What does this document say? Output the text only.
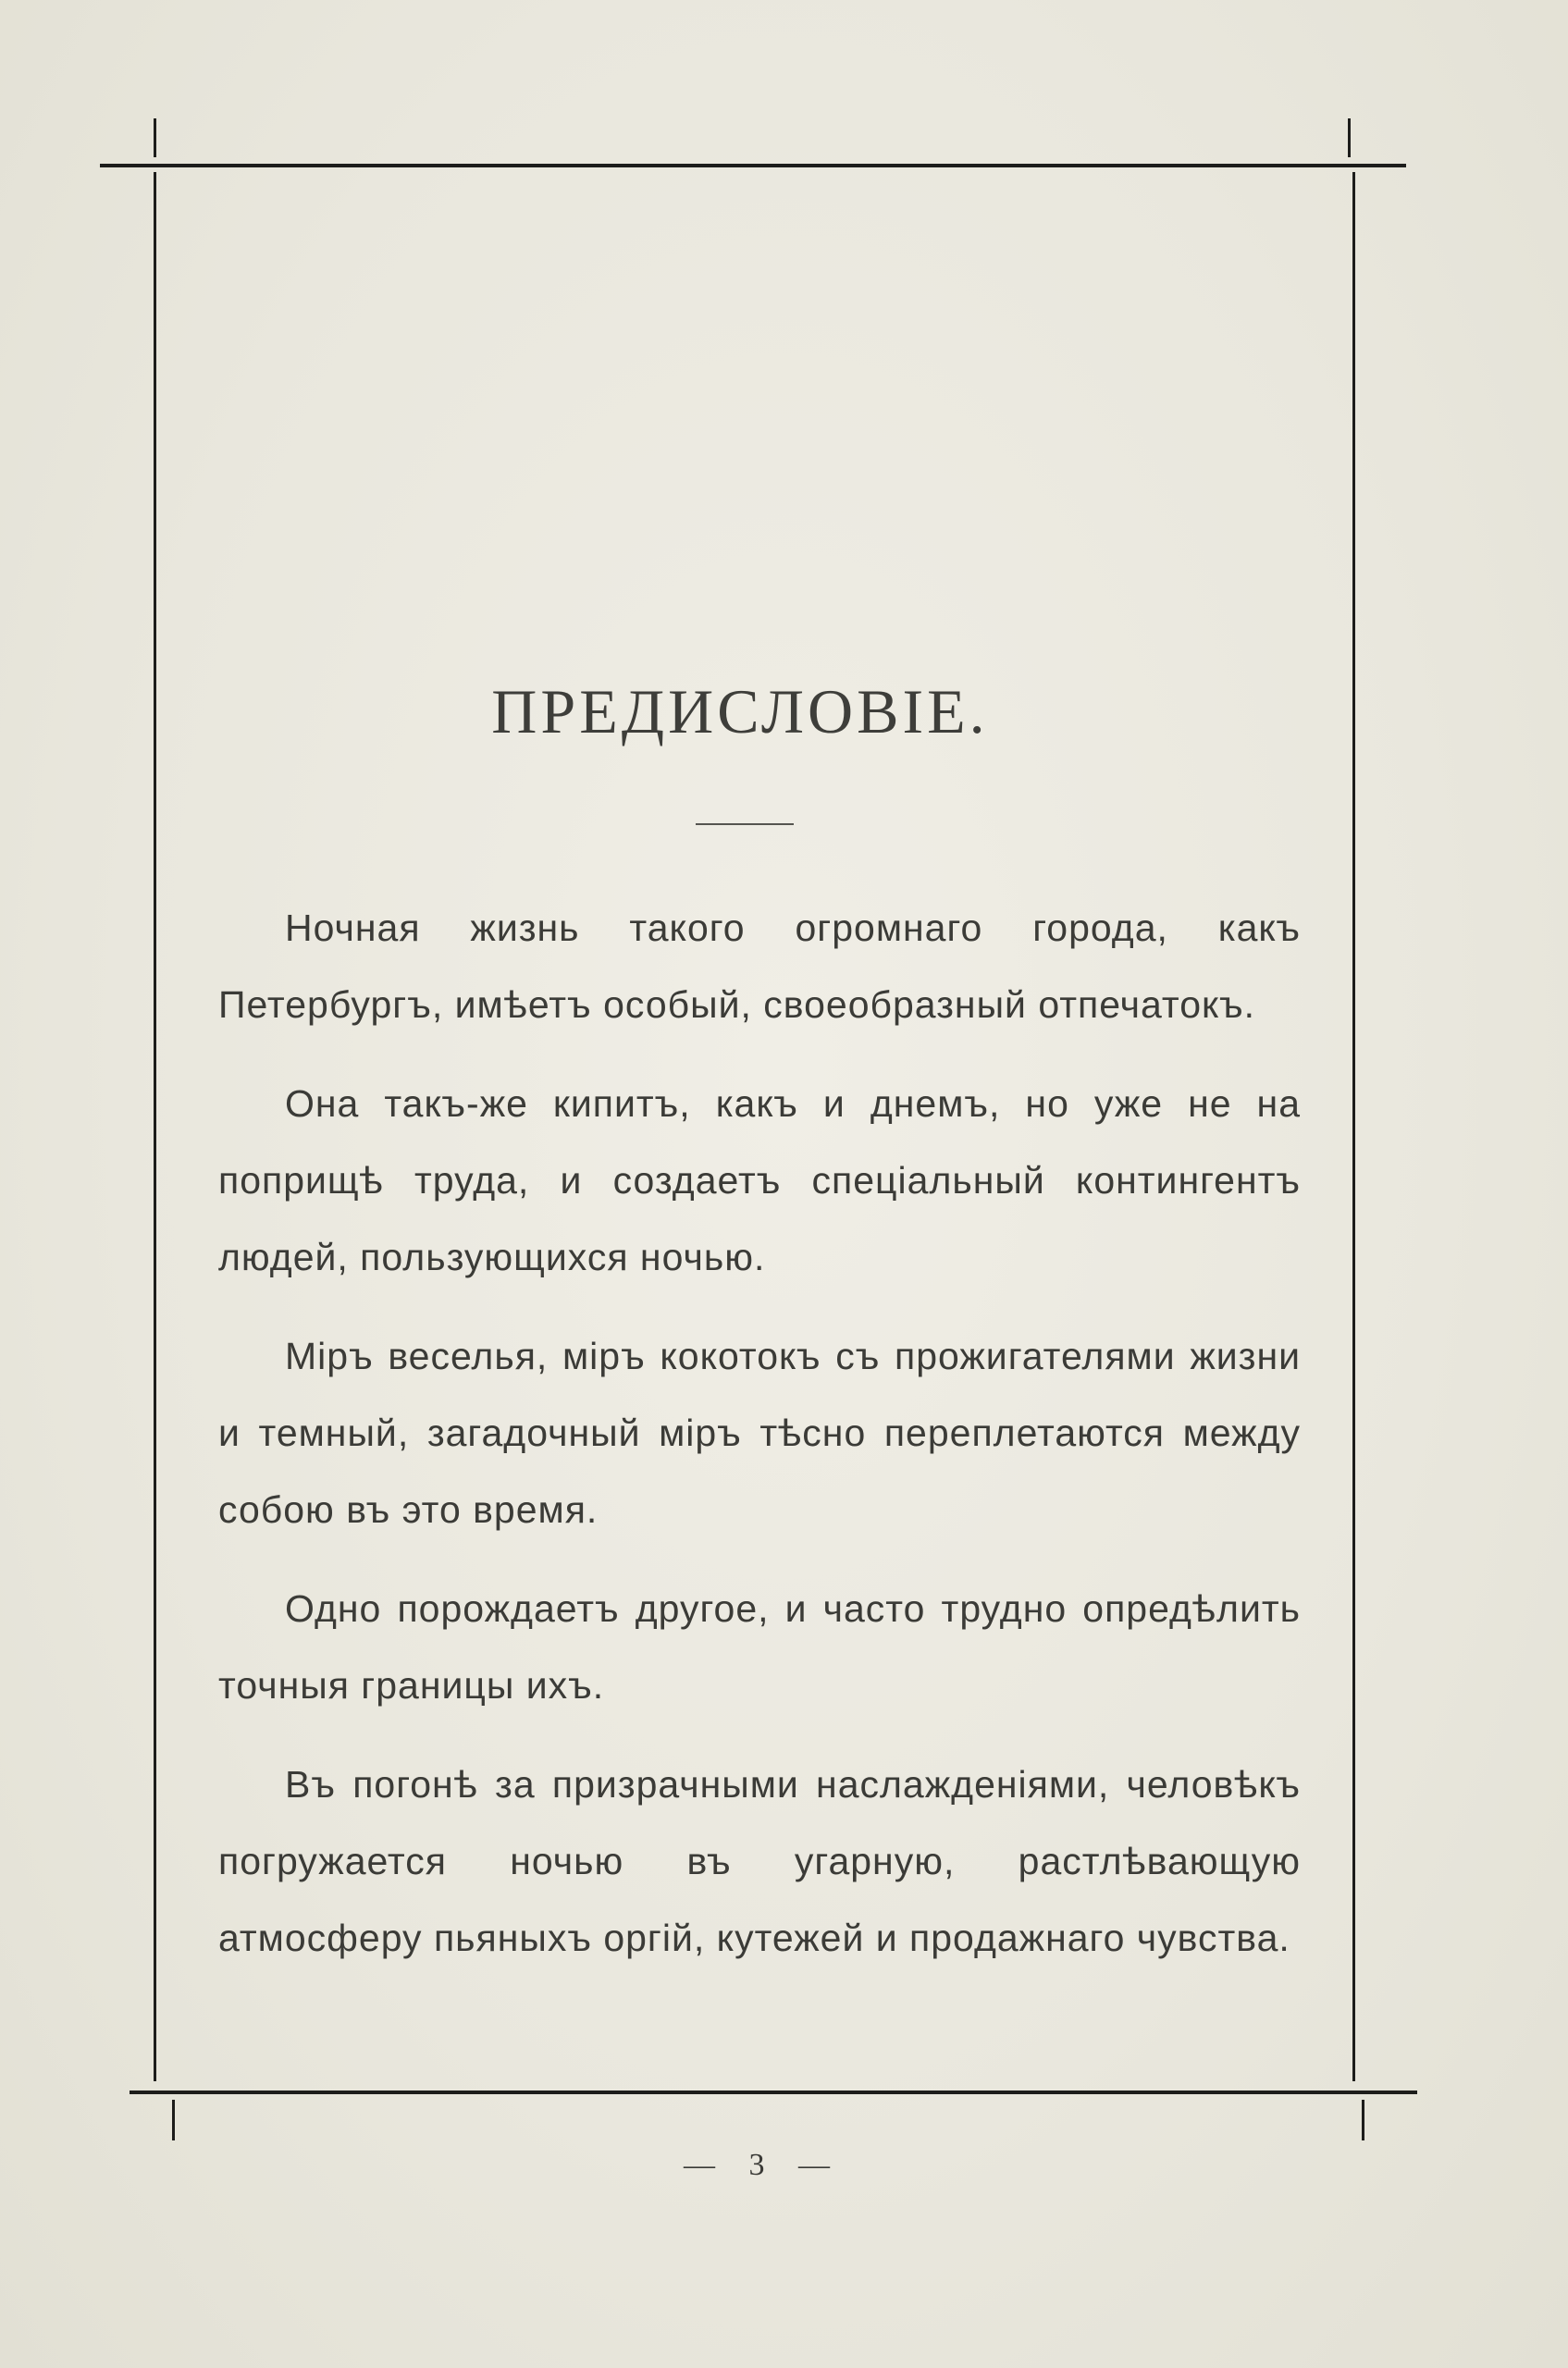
ПРЕДИСЛОВІЕ.

Ночная жизнь такого огромнаго города, какъ Петербургъ, имѣетъ особый, своеобразный отпечатокъ.

Она такъ-же кипитъ, какъ и днемъ, но уже не на поприщѣ труда, и создаетъ спеціальный контингентъ людей, пользующихся ночью.

Міръ веселья, міръ кокотокъ съ прожигателями жизни и темный, загадочный міръ тѣсно переплетаются между собою въ это время.

Одно порождаетъ другое, и часто трудно опредѣлить точныя границы ихъ.

Въ погонѣ за призрачными наслажденіями, человѣкъ погружается ночью въ угарную, растлѣвающую атмосферу пьяныхъ оргій, кутежей и продажнаго чувства.

— 3 —
